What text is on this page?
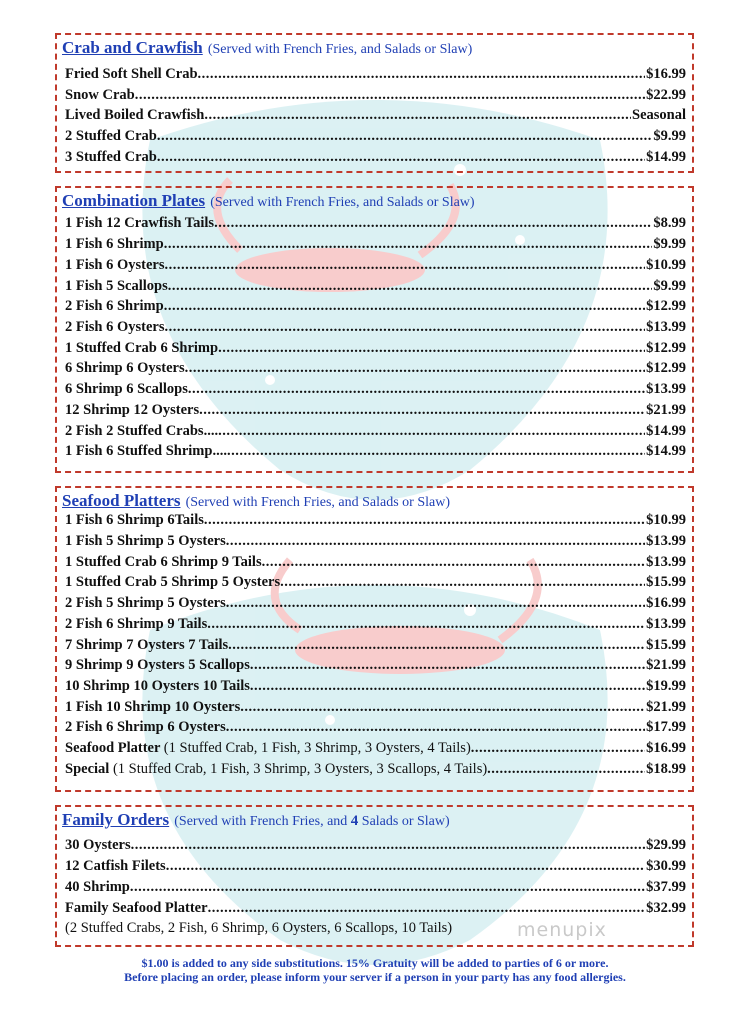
Crab and Crawfish (Served with French Fries, and Salads or Slaw)
Fried Soft Shell Crab .....	$16.99
Snow Crab .....	$22.99
Lived Boiled Crawfish .....	Seasonal
2 Stuffed Crab .....	$9.99
3 Stuffed Crab .....	$14.99
Combination Plates (Served with French Fries, and Salads or Slaw)
1 Fish 12 Crawfish Tails .....	$8.99
1 Fish 6 Shrimp .....	$9.99
1 Fish 6 Oysters .....	$10.99
1 Fish 5 Scallops .....	$9.99
2 Fish 6 Shrimp .....	$12.99
2 Fish 6 Oysters .....	$13.99
1 Stuffed Crab 6 Shrimp .....	$12.99
6 Shrimp 6 Oysters .....	$12.99
6 Shrimp 6 Scallops .....	$13.99
12 Shrimp 12 Oysters .....	$21.99
2 Fish 2 Stuffed Crabs.... .....	$14.99
1 Fish 6 Stuffed Shrimp.... .....	$14.99
Seafood Platters (Served with French Fries, and Salads or Slaw)
1 Fish 6 Shrimp 6Tails .....	$10.99
1 Fish 5 Shrimp 5 Oysters .....	$13.99
1 Stuffed Crab 6 Shrimp 9 Tails .....	$13.99
1 Stuffed Crab 5 Shrimp 5 Oysters .....	$15.99
2 Fish 5 Shrimp 5 Oysters .....	$16.99
2 Fish 6 Shrimp 9 Tails .....	$13.99
7 Shrimp 7 Oysters 7 Tails .....	$15.99
9 Shrimp 9 Oysters 5 Scallops .....	$21.99
10 Shrimp 10 Oysters 10 Tails .....	$19.99
1 Fish 10 Shrimp 10 Oysters .....	$21.99
2 Fish 6 Shrimp 6 Oysters .....	$17.99
Seafood Platter (1 Stuffed Crab, 1 Fish, 3 Shrimp, 3 Oysters, 4 Tails) .....	$16.99
Special (1 Stuffed Crab, 1 Fish, 3 Shrimp, 3 Oysters, 3 Scallops, 4 Tails) .....	$18.99
Family Orders (Served with French Fries, and 4 Salads or Slaw)
30 Oysters .....	$29.99
12 Catfish Filets .....	$30.99
40 Shrimp .....	$37.99
Family Seafood Platter .....	$32.99
(2 Stuffed Crabs, 2 Fish, 6 Shrimp, 6 Oysters, 6 Scallops, 10 Tails)	menupix
$1.00 is added to any side substitutions. 15% Gratuity will be added to parties of 6 or more.
Before placing an order, please inform your server if a person in your party has any food allergies.
